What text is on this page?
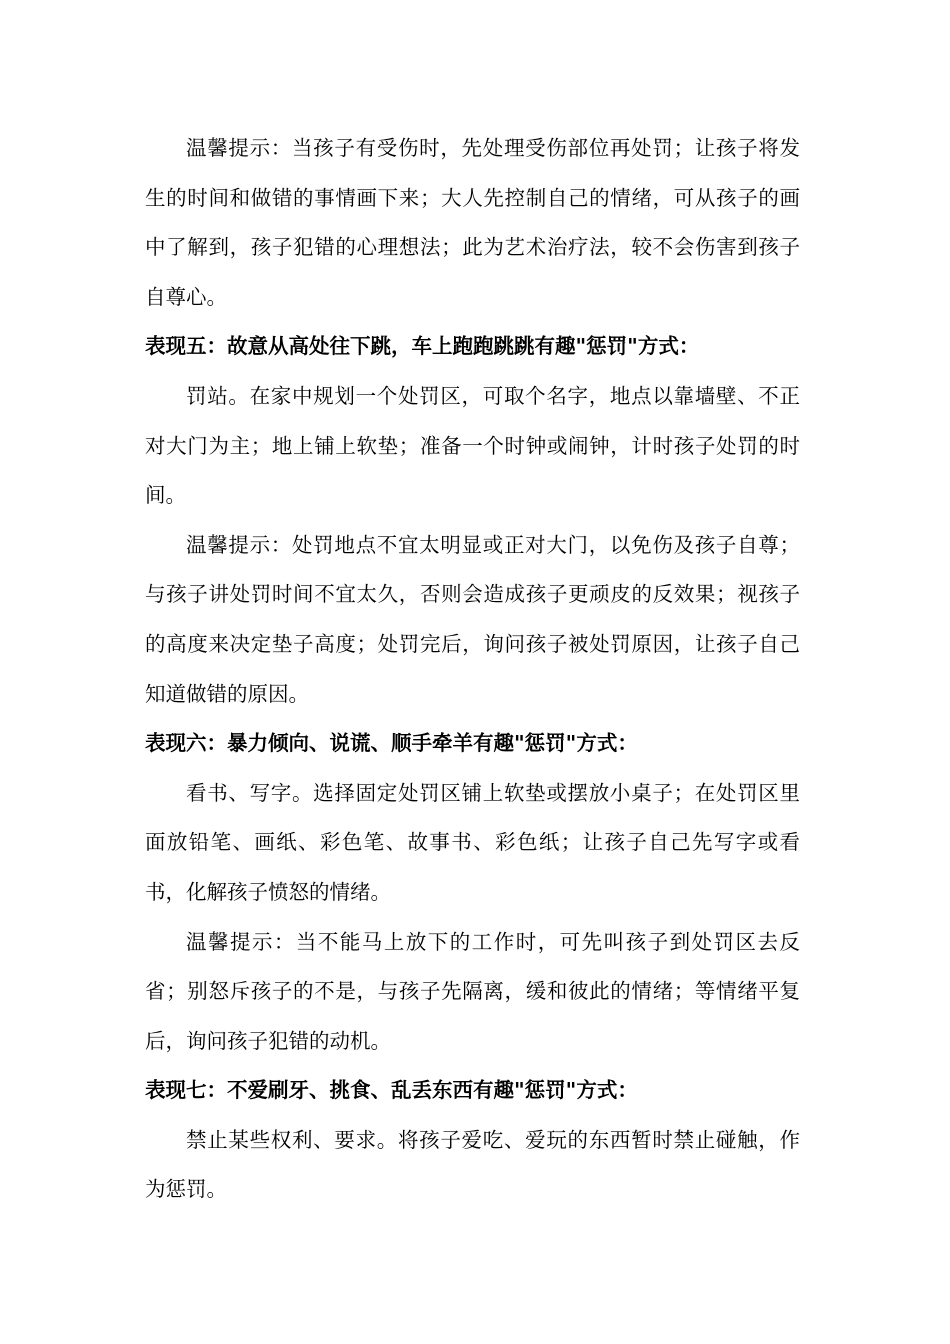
温馨提示：当孩子有受伤时，先处理受伤部位再处罚；让孩子将发生的时间和做错的事情画下来；大人先控制自己的情绪，可从孩子的画中了解到，孩子犯错的心理想法；此为艺术治疗法，较不会伤害到孩子自尊心。

表现五：故意从高处往下跳，车上跑跑跳跳有趣"惩罚"方式：

罚站。在家中规划一个处罚区，可取个名字，地点以靠墙壁、不正对大门为主；地上铺上软垫；准备一个时钟或闹钟，计时孩子处罚的时间。

温馨提示：处罚地点不宜太明显或正对大门，以免伤及孩子自尊；与孩子讲处罚时间不宜太久，否则会造成孩子更顽皮的反效果；视孩子的高度来决定垫子高度；处罚完后，询问孩子被处罚原因，让孩子自己知道做错的原因。

表现六：暴力倾向、说谎、顺手牵羊有趣"惩罚"方式：

看书、写字。选择固定处罚区铺上软垫或摆放小桌子；在处罚区里面放铅笔、画纸、彩色笔、故事书、彩色纸；让孩子自己先写字或看书，化解孩子愤怒的情绪。

温馨提示：当不能马上放下的工作时，可先叫孩子到处罚区去反省；别怒斥孩子的不是，与孩子先隔离，缓和彼此的情绪；等情绪平复后，询问孩子犯错的动机。

表现七：不爱刷牙、挑食、乱丢东西有趣"惩罚"方式：

禁止某些权利、要求。将孩子爱吃、爱玩的东西暂时禁止碰触，作为惩罚。
